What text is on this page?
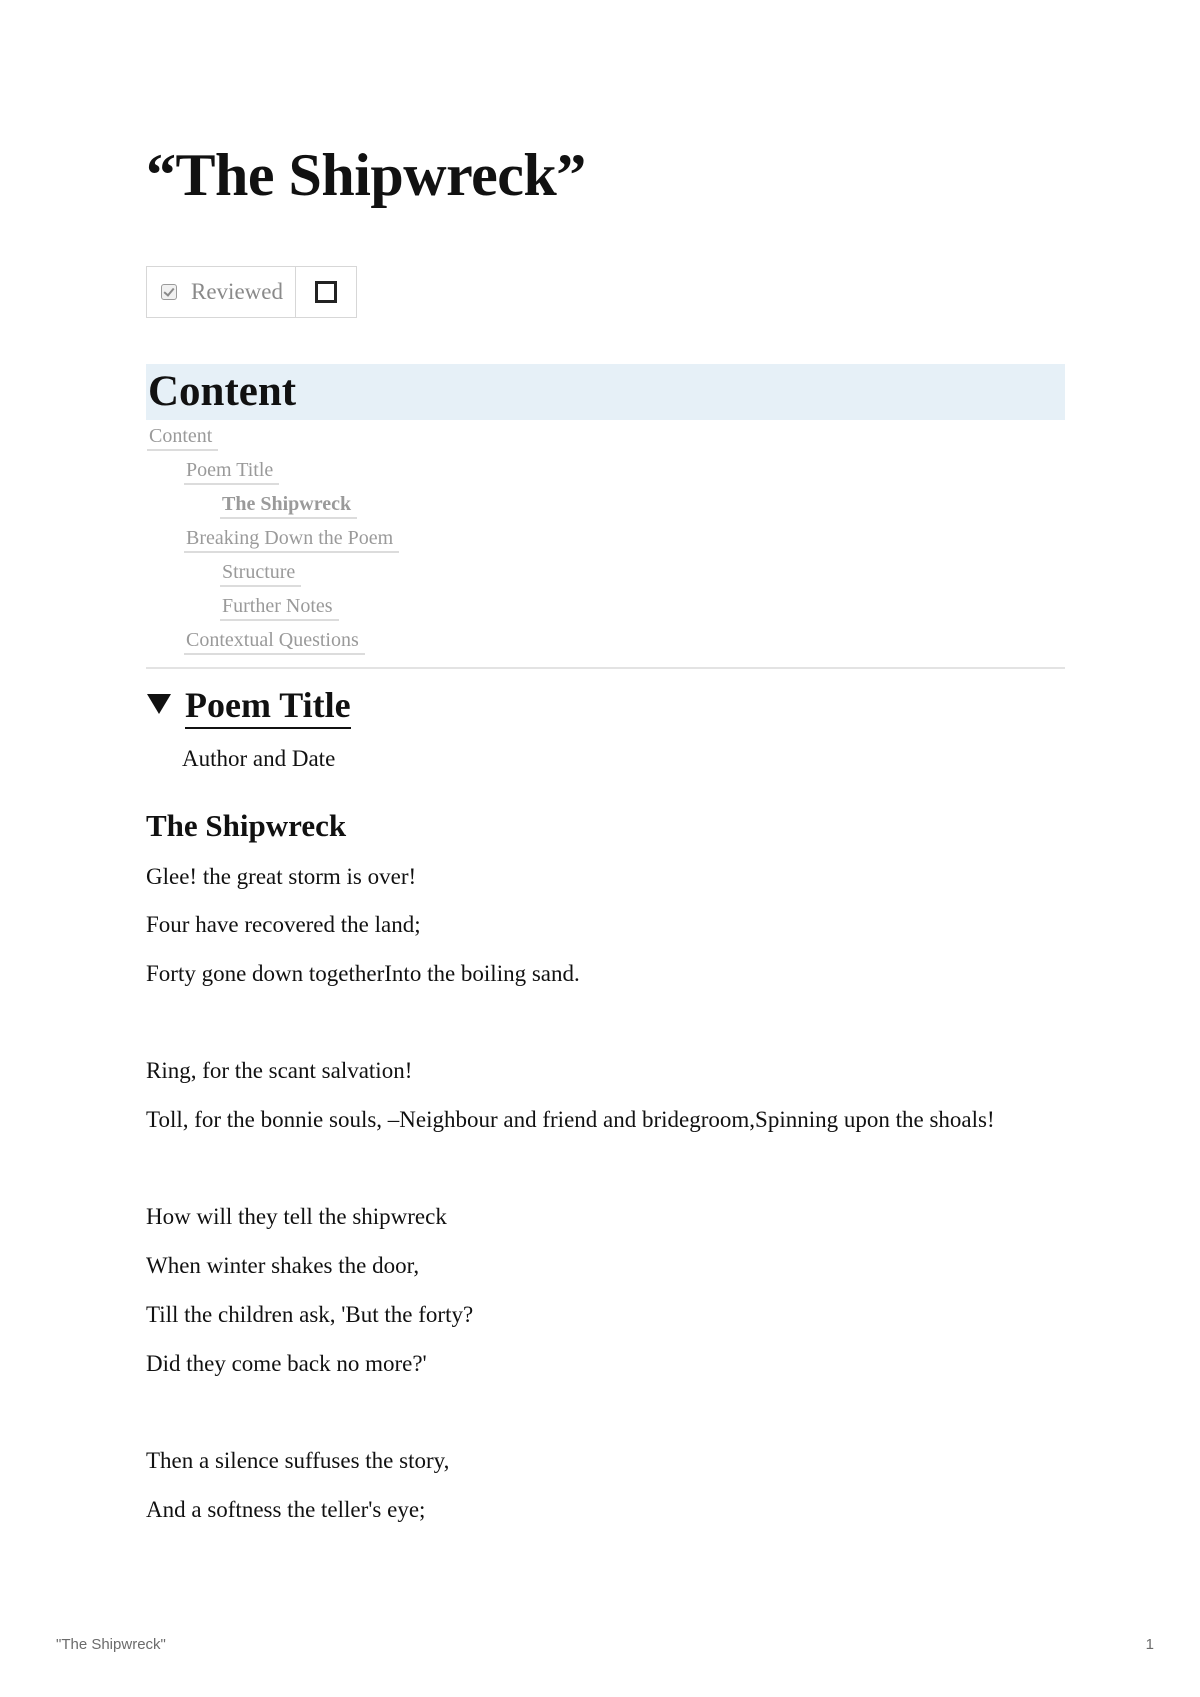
“The Shipwreck”
Reviewed
Content
Content
Poem Title
The Shipwreck
Breaking Down the Poem
Structure
Further Notes
Contextual Questions
Poem Title
Author and Date
The Shipwreck
Glee! the great storm is over!
Four have recovered the land;
Forty gone down togetherInto the boiling sand.
Ring, for the scant salvation!
Toll, for the bonnie souls, –Neighbour and friend and bridegroom,Spinning upon the shoals!
How will they tell the shipwreck
When winter shakes the door,
Till the children ask, 'But the forty?
Did they come back no more?'
Then a silence suffuses the story,
And a softness the teller's eye;
"The Shipwreck"	1
